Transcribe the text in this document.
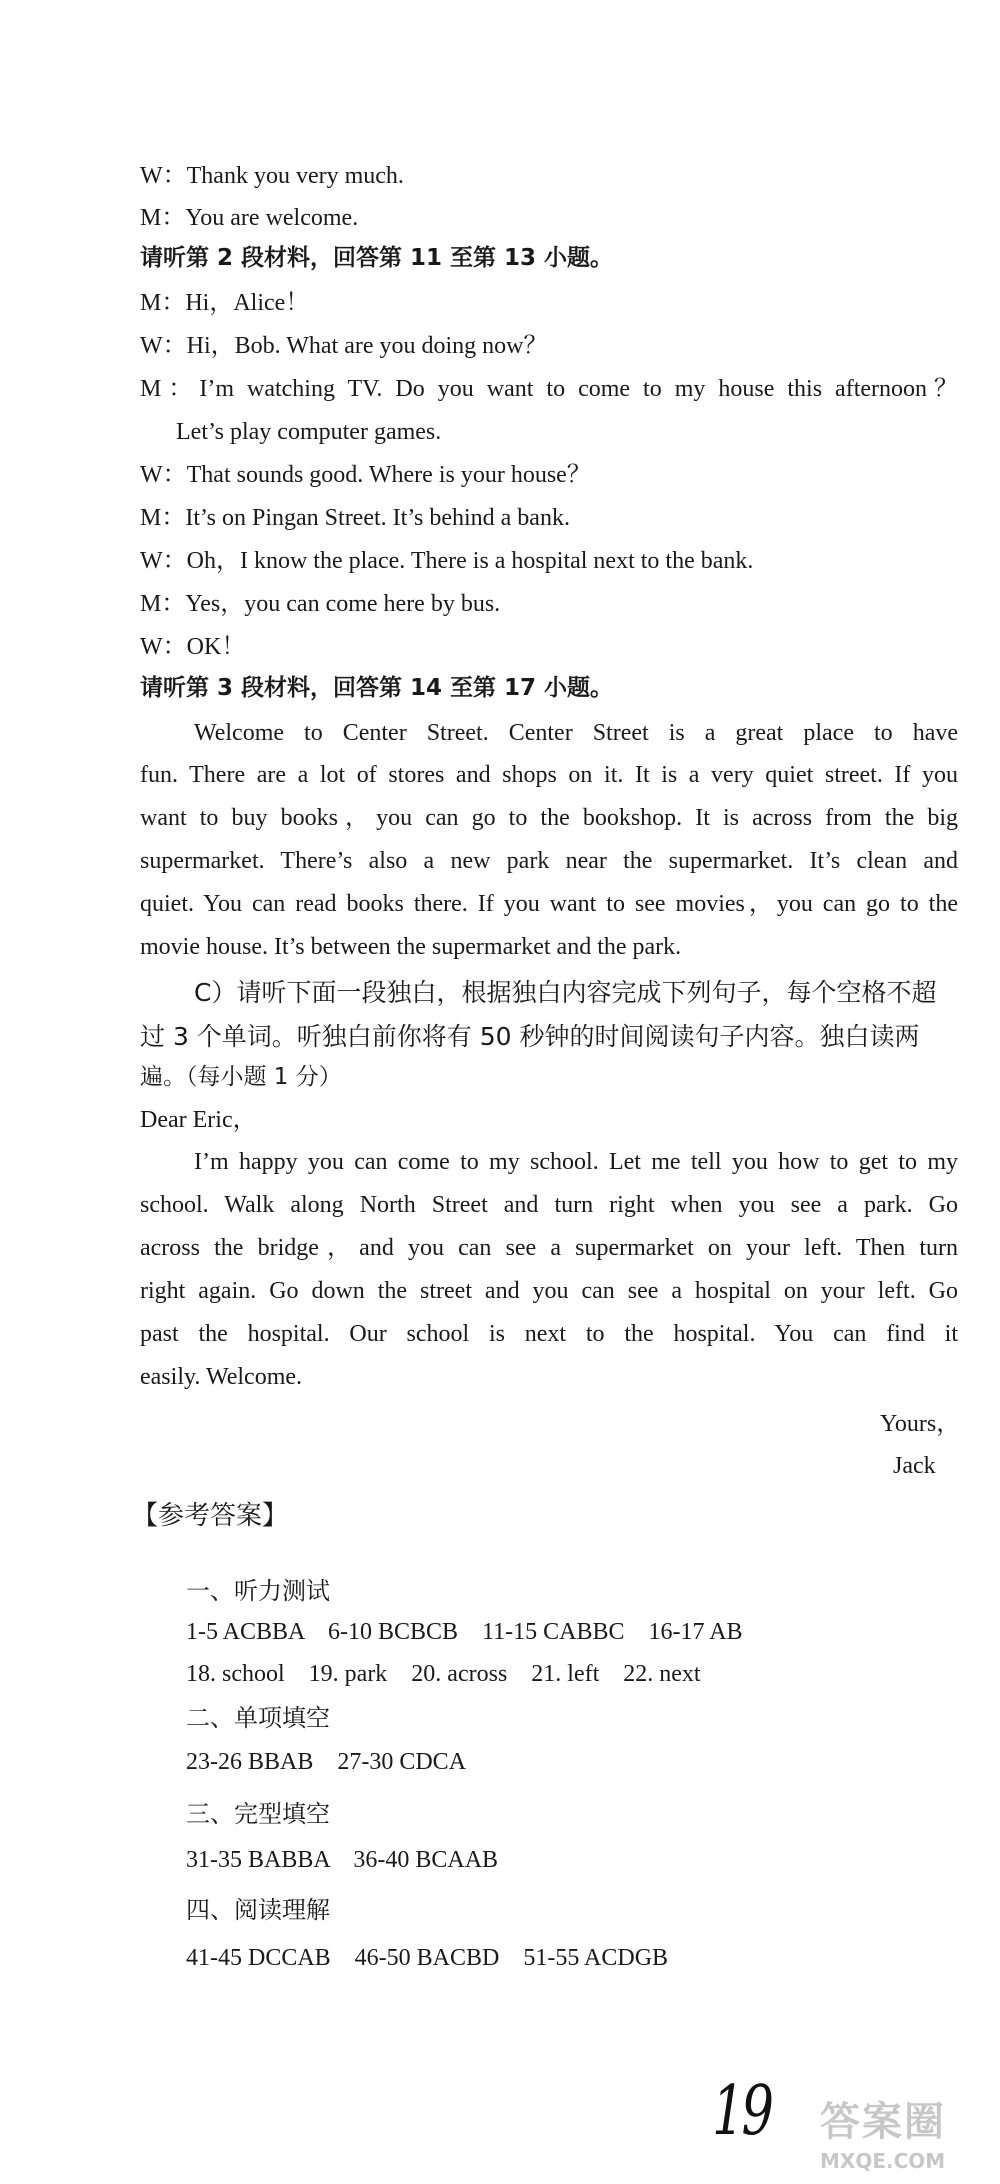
W：Thank you very much.
M：You are welcome.
请听第 2 段材料，回答第 11 至第 13 小题。
M：Hi，Alice！
W：Hi，Bob. What are you doing now？
M：I’m watching TV. Do you want to come to my house this afternoon？
Let’s play computer games.
W：That sounds good. Where is your house？
M：It’s on Pingan Street. It’s behind a bank.
W：Oh，I know the place. There is a hospital next to the bank.
M：Yes，you can come here by bus.
W：OK！
请听第 3 段材料，回答第 14 至第 17 小题。
Welcome to Center Street. Center Street is a great place to have
fun. There are a lot of stores and shops on it. It is a very quiet street. If you
want to buy books，you can go to the bookshop. It is across from the big
supermarket. There’s also a new park near the supermarket. It’s clean and
quiet. You can read books there. If you want to see movies，you can go to the
movie house. It’s between the supermarket and the park.
C）请听下面一段独白，根据独白内容完成下列句子，每个空格不超
过 3 个单词。听独白前你将有 50 秒钟的时间阅读句子内容。独白读两
遍。（每小题 1 分）
Dear Eric，
I’m happy you can come to my school. Let me tell you how to get to my
school. Walk along North Street and turn right when you see a park. Go
across the bridge，and you can see a supermarket on your left. Then turn
right again. Go down the street and you can see a hospital on your left. Go
past the hospital. Our school is next to the hospital. You can find it
easily. Welcome.
Yours，
Jack
【参考答案】
一、听力测试
1-5 ACBBA    6-10 BCBCB    11-15 CABBC    16-17 AB
18. school    19. park    20. across    21. left    22. next
二、单项填空
23-26 BBAB    27-30 CDCA
三、完型填空
31-35 BABBA    36-40 BCAAB
四、阅读理解
41-45 DCCAB    46-50 BACBD    51-55 ACDGB
19 答案圈
MXQE.COM
